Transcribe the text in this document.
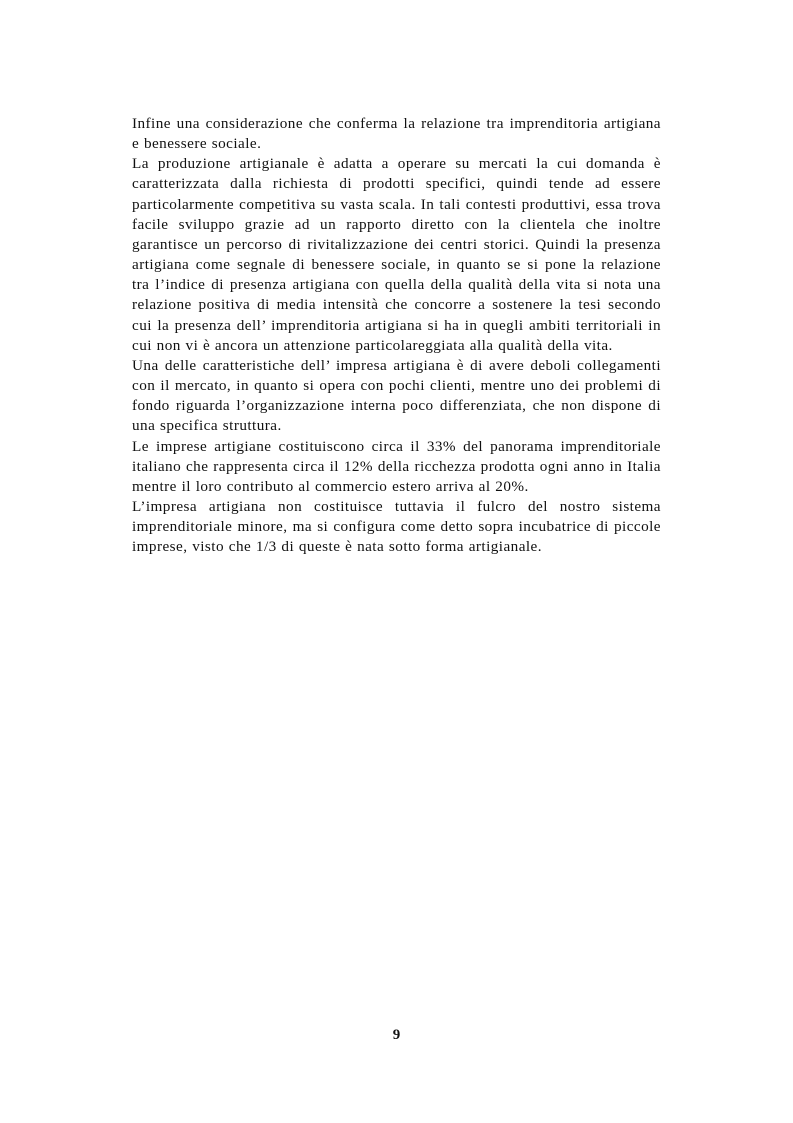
Infine una considerazione che conferma la relazione tra imprenditoria artigiana e benessere sociale.

La produzione artigianale è adatta a operare su mercati la cui domanda è caratterizzata dalla richiesta di prodotti specifici, quindi tende ad essere particolarmente competitiva su vasta scala. In tali contesti produttivi, essa trova facile sviluppo grazie ad un rapporto diretto con la clientela che inoltre garantisce un percorso di rivitalizzazione dei centri storici. Quindi la presenza artigiana come segnale di benessere sociale, in quanto se si pone la relazione tra l’indice di presenza artigiana con quella della qualità della vita si nota una relazione positiva di media intensità che concorre a sostenere la tesi secondo cui la presenza dell’ imprenditoria artigiana si ha in quegli ambiti territoriali in cui non vi è ancora un attenzione particolareggiata alla qualità della vita.

Una delle caratteristiche dell’ impresa artigiana è di avere deboli collegamenti con il mercato, in quanto si opera con pochi clienti, mentre uno dei problemi di fondo riguarda l’organizzazione interna poco differenziata, che non dispone di una specifica struttura.

Le imprese artigiane costituiscono circa il 33% del panorama imprenditoriale italiano che rappresenta circa il 12% della ricchezza prodotta ogni anno in Italia mentre il loro contributo al commercio estero arriva al 20%.

L’impresa artigiana non costituisce tuttavia il fulcro del nostro sistema imprenditoriale minore, ma si configura come detto sopra incubatrice di piccole imprese, visto che 1/3 di queste è nata sotto forma artigianale.

9
